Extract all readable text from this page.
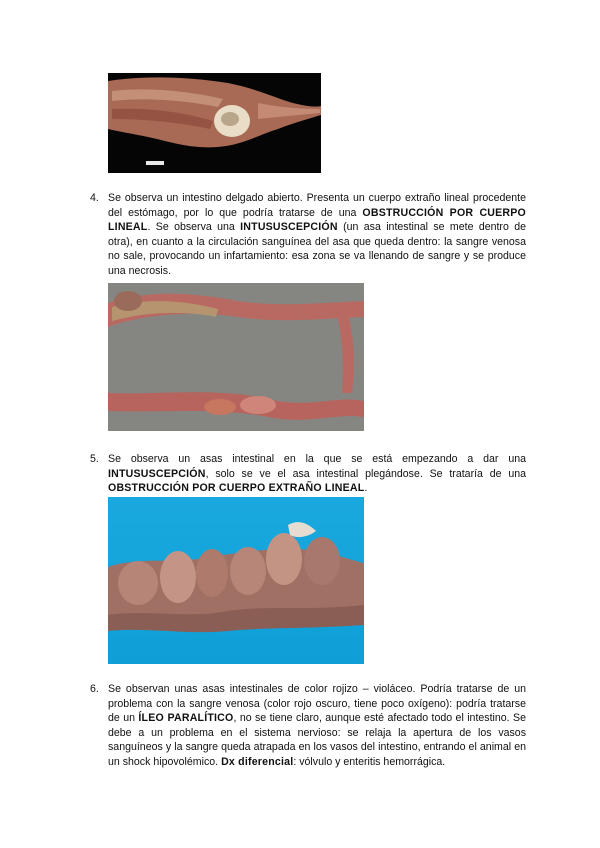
4. Se observa un intestino delgado abierto. Presenta un cuerpo extraño lineal procedente del estómago, por lo que podría tratarse de una OBSTRUCCIÓN POR CUERPO LINEAL. Se observa una INTUSUSCEPCIÓN (un asa intestinal se mete dentro de otra), en cuanto a la circulación sanguínea del asa que queda dentro: la sangre venosa no sale, provocando un infartamiento: esa zona se va llenando de sangre y se produce una necrosis.
5. Se observa un asas intestinal en la que se está empezando a dar una INTUSUSCEPCIÓN, solo se ve el asa intestinal plegándose. Se trataría de una OBSTRUCCIÓN POR CUERPO EXTRAÑO LINEAL.
6. Se observan unas asas intestinales de color rojizo – violáceo. Podría tratarse de un problema con la sangre venosa (color rojo oscuro, tiene poco oxígeno): podría tratarse de un ÍLEO PARALÍTICO, no se tiene claro, aunque esté afectado todo el intestino. Se debe a un problema en el sistema nervioso: se relaja la apertura de los vasos sanguíneos y la sangre queda atrapada en los vasos del intestino, entrando el animal en un shock hipovolémico. Dx diferencial: vólvulo y enteritis hemorrágica.
